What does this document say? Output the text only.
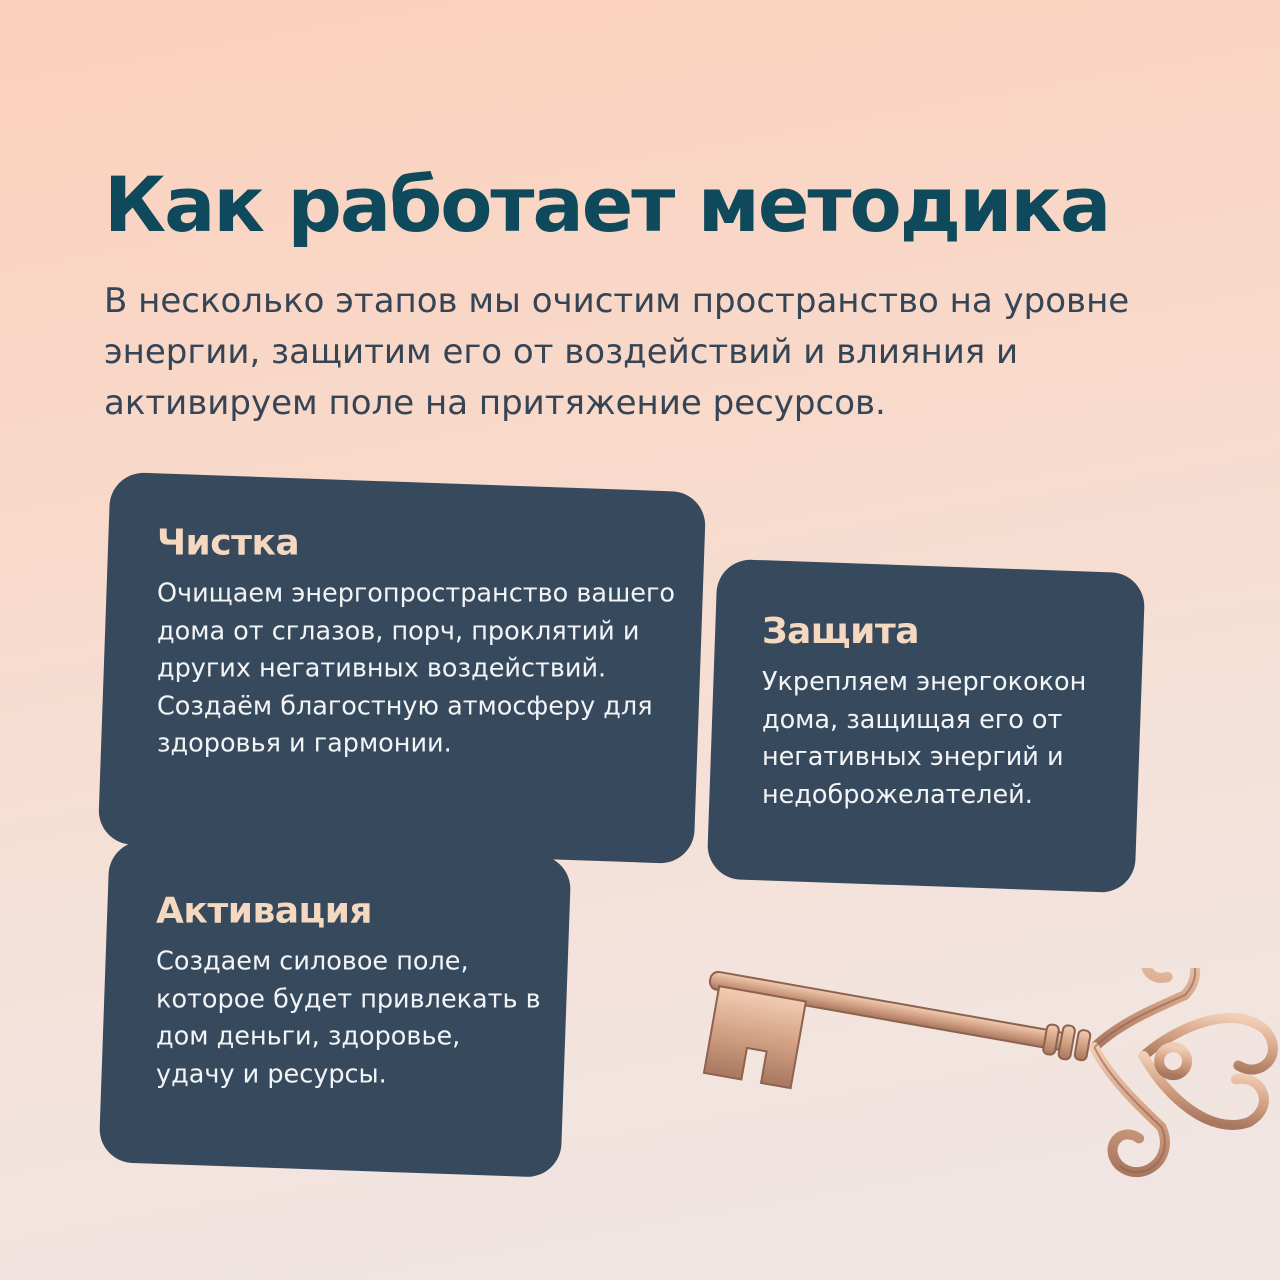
Как работает методика

В несколько этапов мы очистим пространство на уровне энергии, защитим его от воздействий и влияния и активируем поле на притяжение ресурсов.

Чистка

Очищаем энергопространство вашего дома от сглазов, порч, проклятий и других негативных воздействий. Создаём благостную атмосферу для здоровья и гармонии.

Защита

Укрепляем энергококон дома, защищая его от негативных энергий и недоброжелателей.

Активация

Создаем силовое поле, которое будет привлекать в дом деньги, здоровье, удачу и ресурсы.
